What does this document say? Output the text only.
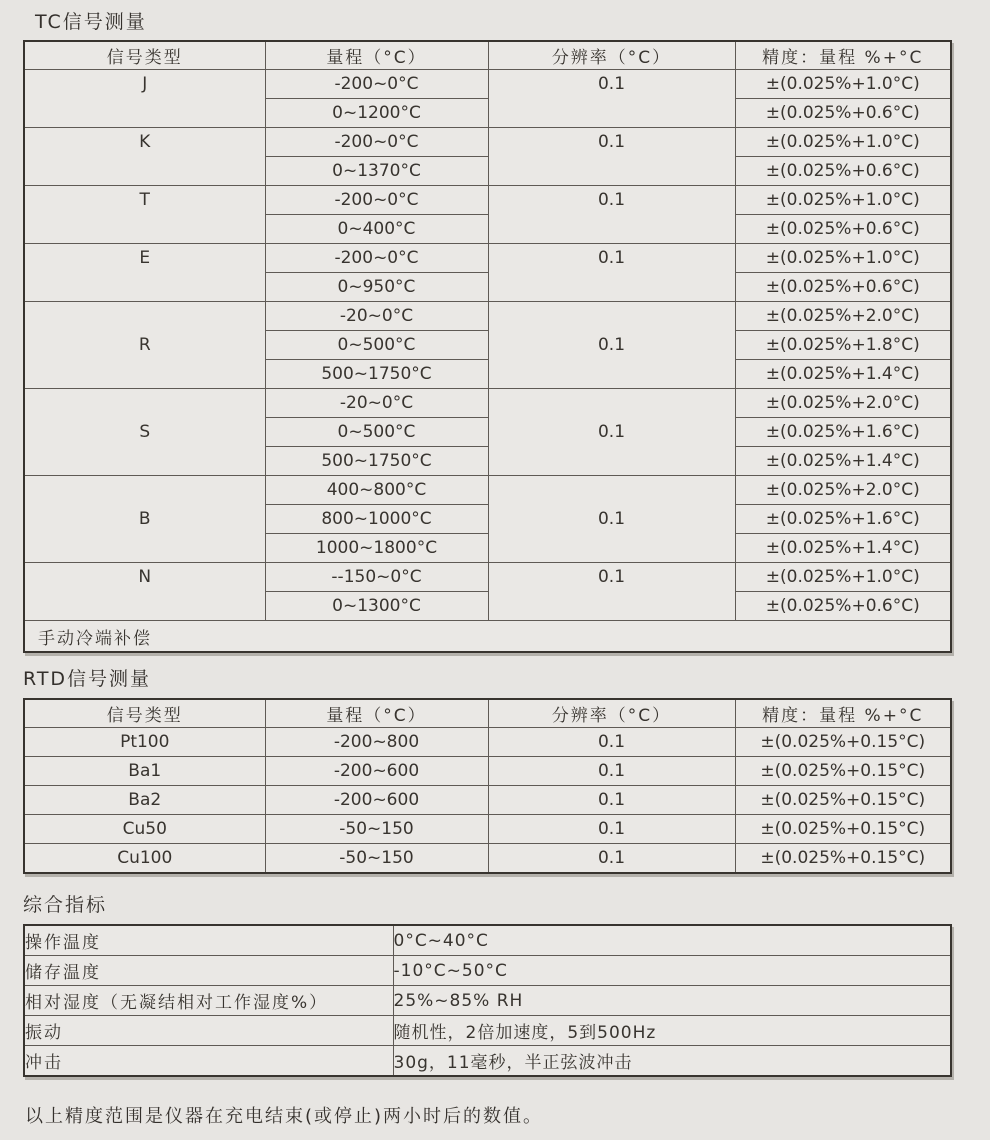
TC信号测量
信号类型	量程（°C）	分辨率（°C）	精度：量程 %+°C
J	-200~0°C	0.1	±(0.025%+1.0°C)
	0~1200°C		±(0.025%+0.6°C)
K	-200~0°C	0.1	±(0.025%+1.0°C)
	0~1370°C		±(0.025%+0.6°C)
T	-200~0°C	0.1	±(0.025%+1.0°C)
	0~400°C		±(0.025%+0.6°C)
E	-200~0°C	0.1	±(0.025%+1.0°C)
	0~950°C		±(0.025%+0.6°C)
R	-20~0°C	0.1	±(0.025%+2.0°C)
	0~500°C		±(0.025%+1.8°C)
	500~1750°C		±(0.025%+1.4°C)
S	-20~0°C	0.1	±(0.025%+2.0°C)
	0~500°C		±(0.025%+1.6°C)
	500~1750°C		±(0.025%+1.4°C)
B	400~800°C	0.1	±(0.025%+2.0°C)
	800~1000°C		±(0.025%+1.6°C)
	1000~1800°C		±(0.025%+1.4°C)
N	--150~0°C	0.1	±(0.025%+1.0°C)
	0~1300°C		±(0.025%+0.6°C)
手动冷端补偿			
RTD信号测量
信号类型	量程（°C）	分辨率（°C）	精度：量程 %+°C
Pt100	-200~800	0.1	±(0.025%+0.15°C)
Ba1	-200~600	0.1	±(0.025%+0.15°C)
Ba2	-200~600	0.1	±(0.025%+0.15°C)
Cu50	-50~150	0.1	±(0.025%+0.15°C)
Cu100	-50~150	0.1	±(0.025%+0.15°C)
综合指标
操作温度	0°C~40°C
储存温度	-10°C~50°C
相对湿度（无凝结相对工作湿度%）	25%~85% RH
振动	随机性，2倍加速度，5到500Hz
冲击	30g，11毫秒，半正弦波冲击
以上精度范围是仪器在充电结束(或停止)两小时后的数值。
